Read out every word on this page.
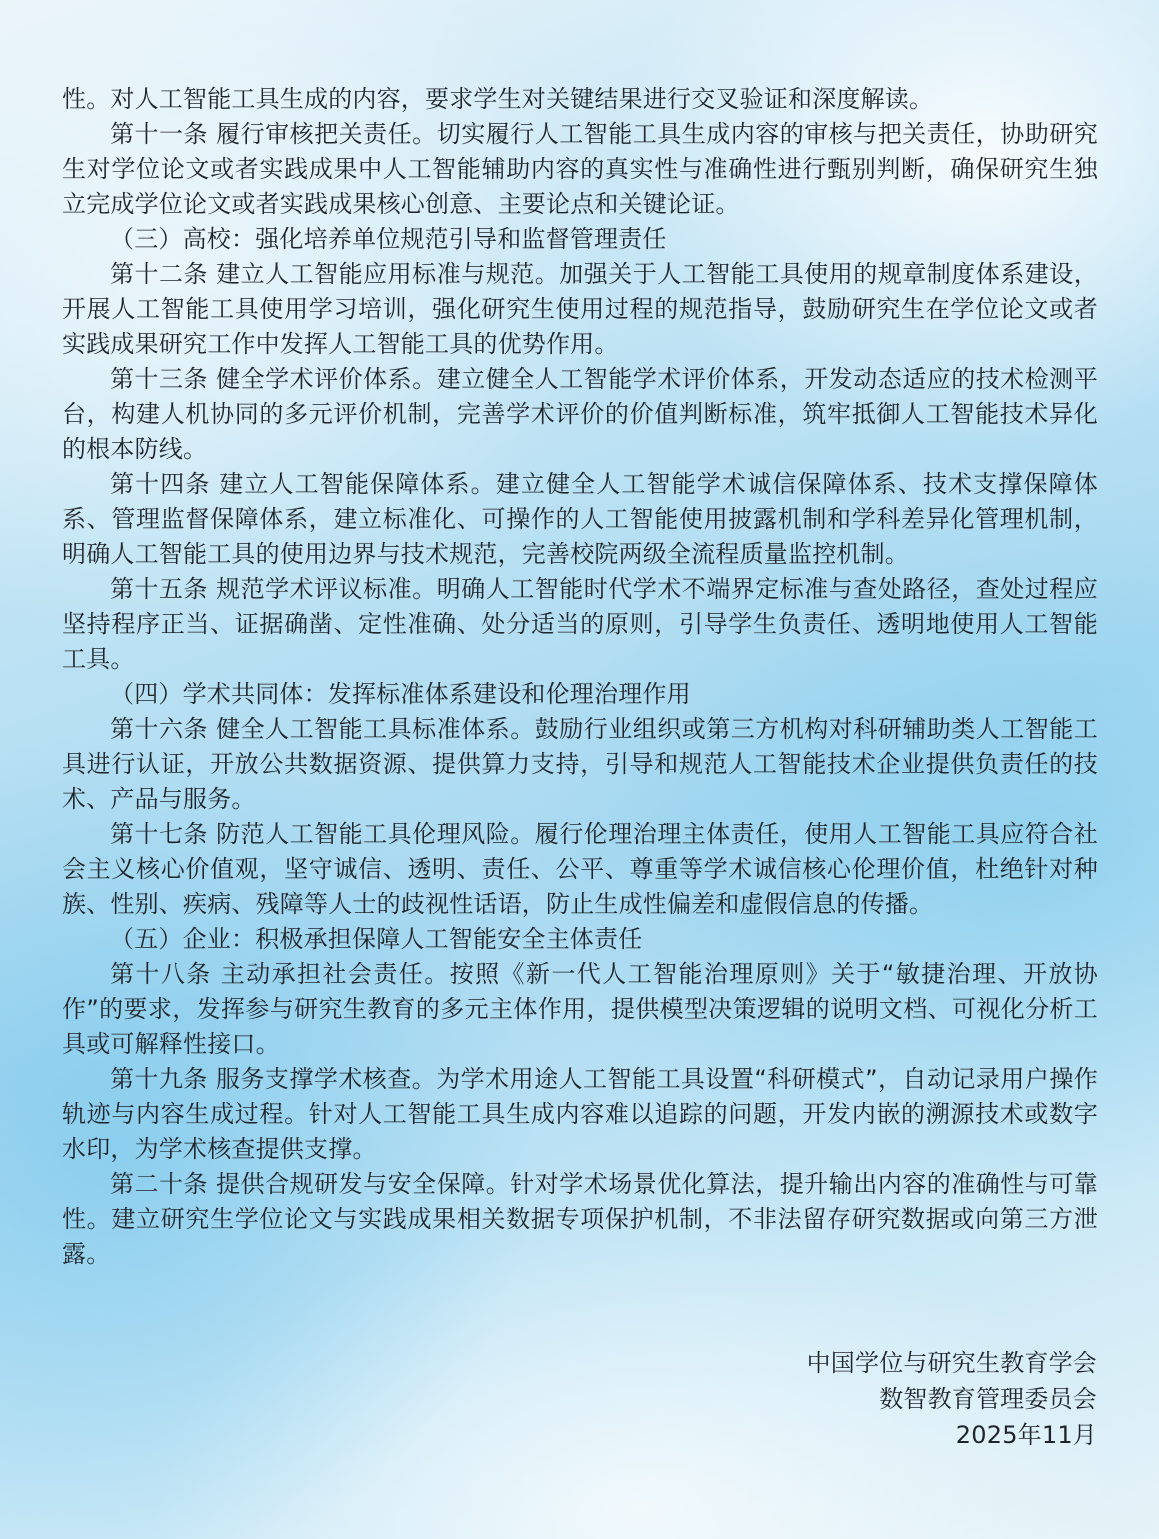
性。对人工智能工具生成的内容，要求学生对关键结果进行交叉验证和深度解读。

第十一条 履行审核把关责任。切实履行人工智能工具生成内容的审核与把关责任，协助研究生对学位论文或者实践成果中人工智能辅助内容的真实性与准确性进行甄别判断，确保研究生独立完成学位论文或者实践成果核心创意、主要论点和关键论证。

（三）高校：强化培养单位规范引导和监督管理责任

第十二条 建立人工智能应用标准与规范。加强关于人工智能工具使用的规章制度体系建设，开展人工智能工具使用学习培训，强化研究生使用过程的规范指导，鼓励研究生在学位论文或者实践成果研究工作中发挥人工智能工具的优势作用。

第十三条 健全学术评价体系。建立健全人工智能学术评价体系，开发动态适应的技术检测平台，构建人机协同的多元评价机制，完善学术评价的价值判断标准，筑牢抵御人工智能技术异化的根本防线。

第十四条 建立人工智能保障体系。建立健全人工智能学术诚信保障体系、技术支撑保障体系、管理监督保障体系，建立标准化、可操作的人工智能使用披露机制和学科差异化管理机制，明确人工智能工具的使用边界与技术规范，完善校院两级全流程质量监控机制。

第十五条 规范学术评议标准。明确人工智能时代学术不端界定标准与查处路径，查处过程应坚持程序正当、证据确凿、定性准确、处分适当的原则，引导学生负责任、透明地使用人工智能工具。

（四）学术共同体：发挥标准体系建设和伦理治理作用

第十六条 健全人工智能工具标准体系。鼓励行业组织或第三方机构对科研辅助类人工智能工具进行认证，开放公共数据资源、提供算力支持，引导和规范人工智能技术企业提供负责任的技术、产品与服务。

第十七条 防范人工智能工具伦理风险。履行伦理治理主体责任，使用人工智能工具应符合社会主义核心价值观，坚守诚信、透明、责任、公平、尊重等学术诚信核心伦理价值，杜绝针对种族、性别、疾病、残障等人士的歧视性话语，防止生成性偏差和虚假信息的传播。

（五）企业：积极承担保障人工智能安全主体责任

第十八条 主动承担社会责任。按照《新一代人工智能治理原则》关于“敏捷治理、开放协作”的要求，发挥参与研究生教育的多元主体作用，提供模型决策逻辑的说明文档、可视化分析工具或可解释性接口。

第十九条 服务支撑学术核查。为学术用途人工智能工具设置“科研模式”，自动记录用户操作轨迹与内容生成过程。针对人工智能工具生成内容难以追踪的问题，开发内嵌的溯源技术或数字水印，为学术核查提供支撑。

第二十条 提供合规研发与安全保障。针对学术场景优化算法，提升输出内容的准确性与可靠性。建立研究生学位论文与实践成果相关数据专项保护机制，不非法留存研究数据或向第三方泄露。

中国学位与研究生教育学会

数智教育管理委员会

2025年11月
